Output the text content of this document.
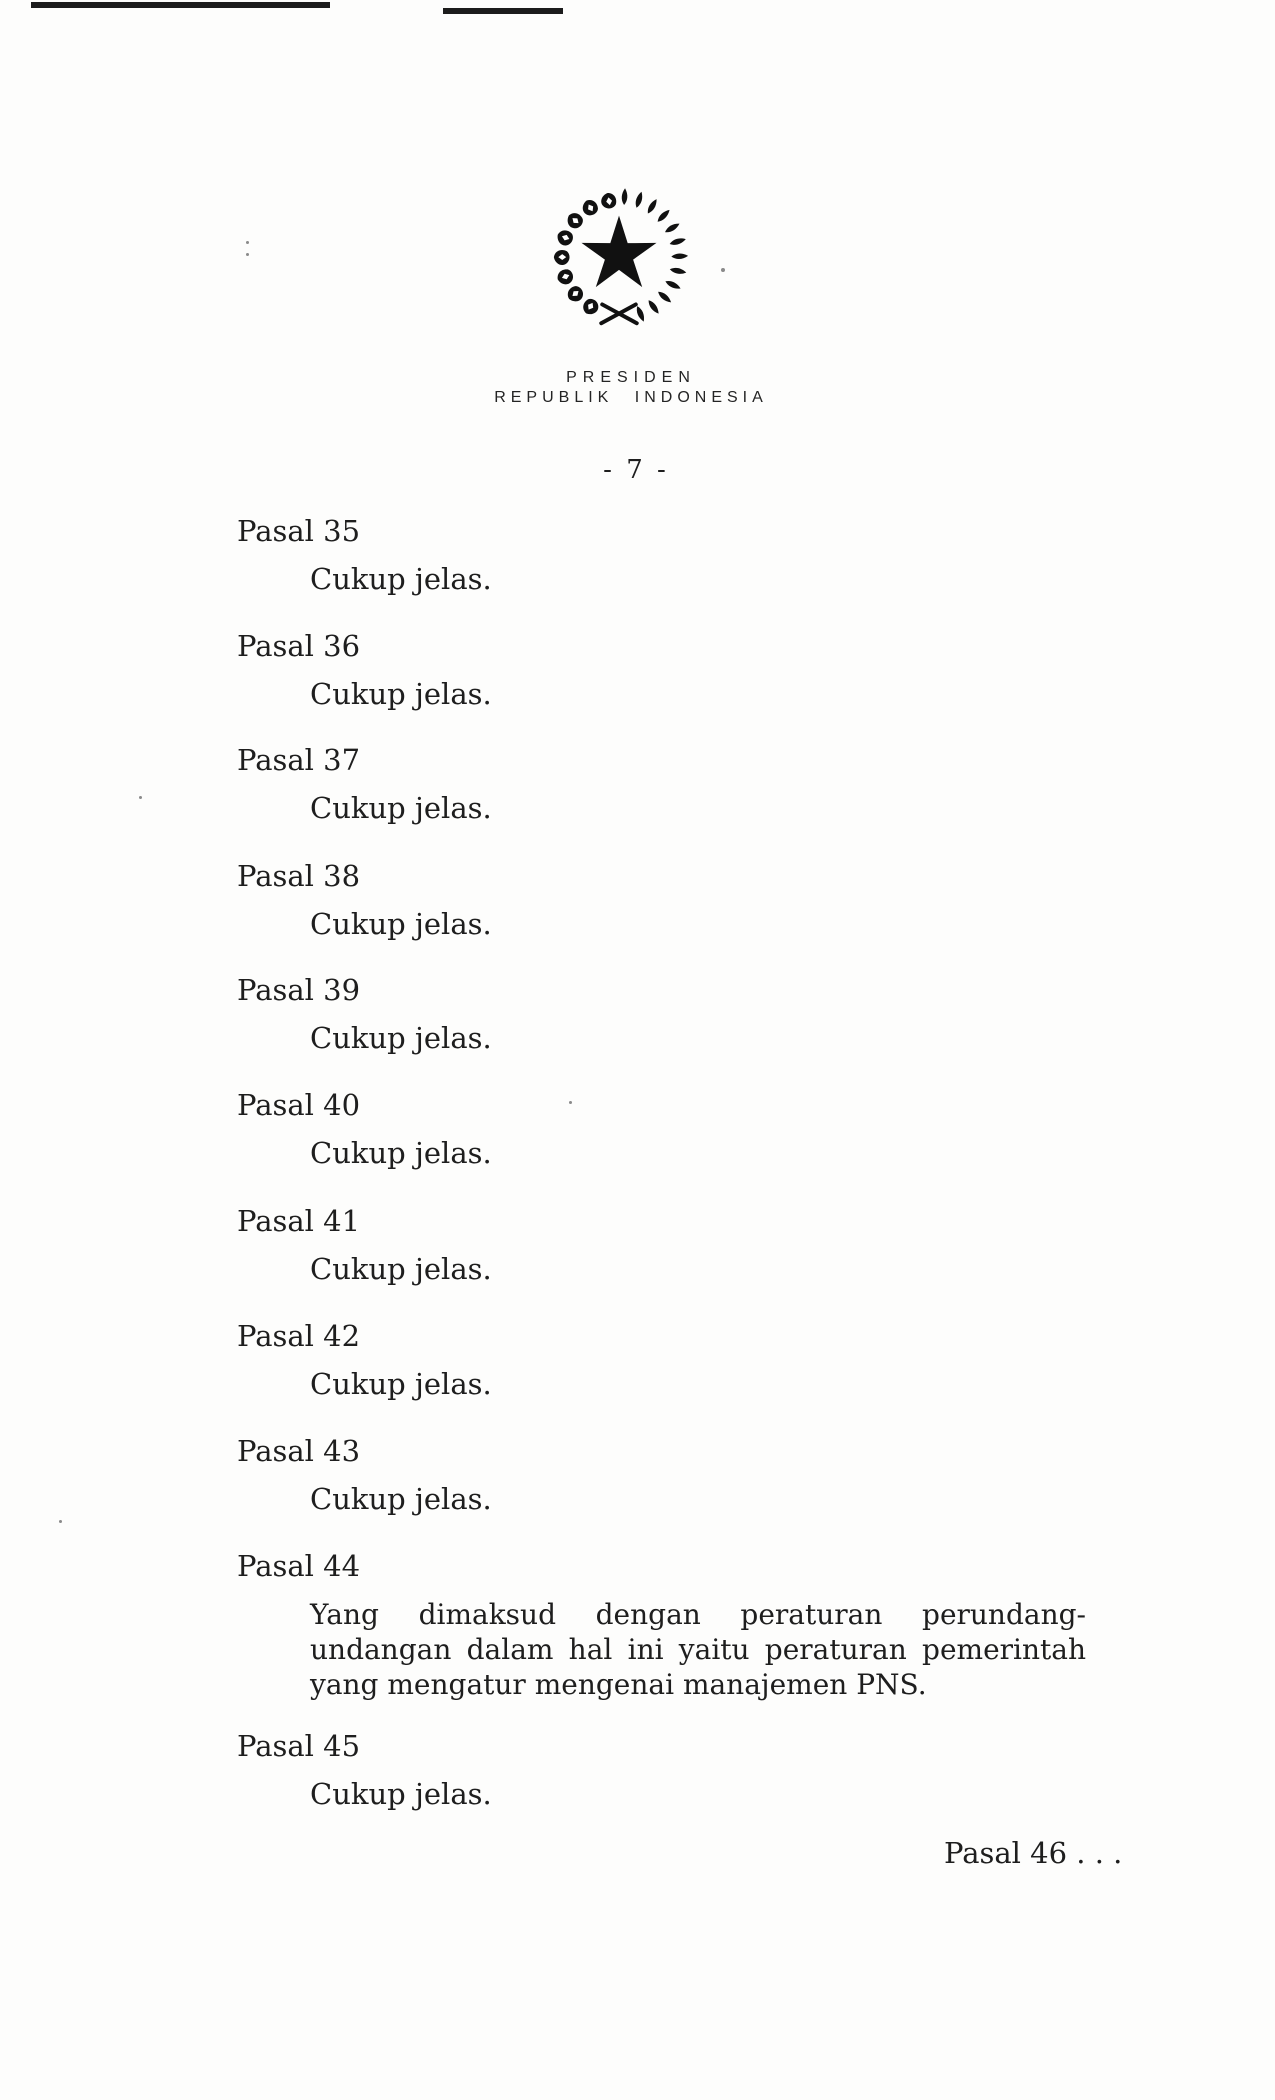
PRESIDEN
REPUBLIK INDONESIA
- 7 -
Pasal 35
Cukup jelas.
Pasal 36
Cukup jelas.
Pasal 37
Cukup jelas.
Pasal 38
Cukup jelas.
Pasal 39
Cukup jelas.
Pasal 40
Cukup jelas.
Pasal 41
Cukup jelas.
Pasal 42
Cukup jelas.
Pasal 43
Cukup jelas.
Pasal 44
Yang dimaksud dengan peraturan perundang-undangan dalam hal ini yaitu peraturan pemerintah yang mengatur mengenai manajemen PNS.
Pasal 45
Cukup jelas.
Pasal 46 . . .
